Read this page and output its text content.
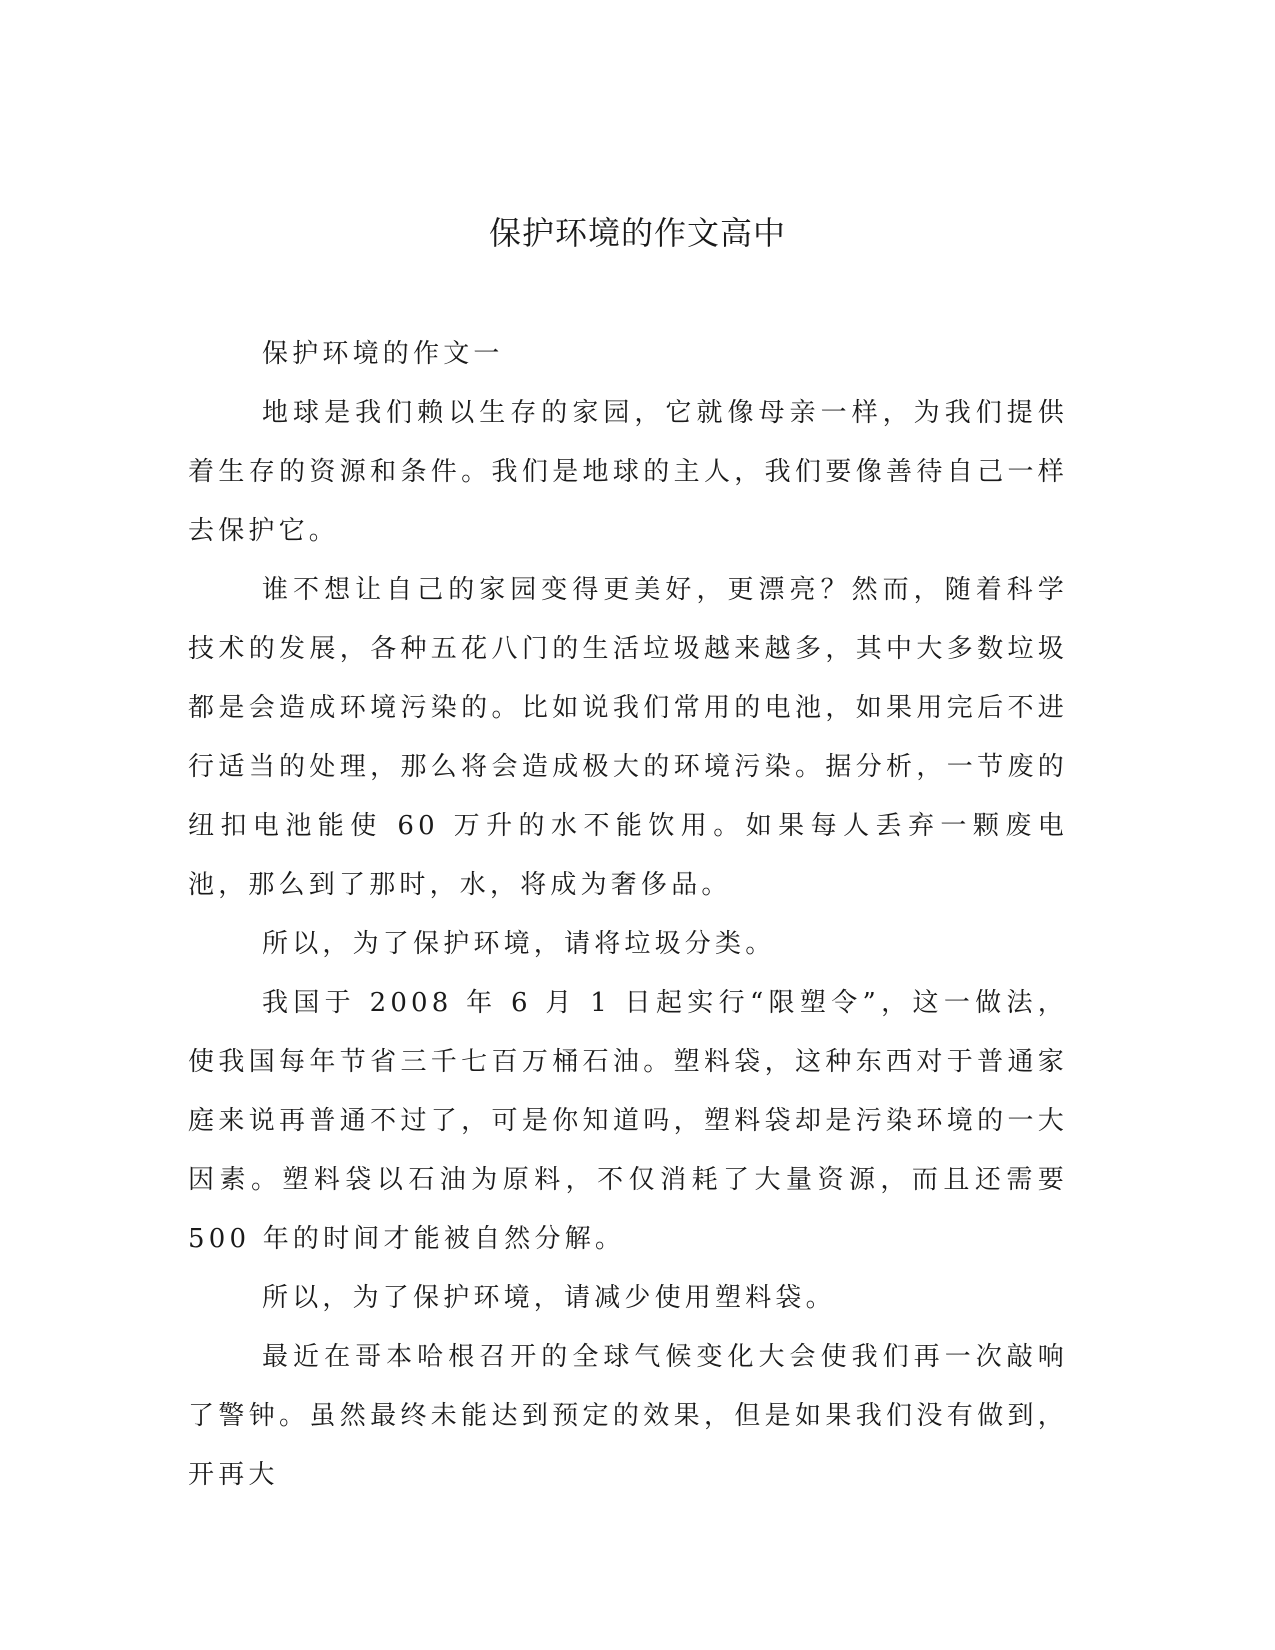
保护环境的作文高中

保护环境的作文一

地球是我们赖以生存的家园，它就像母亲一样，为我们提供着生存的资源和条件。我们是地球的主人，我们要像善待自己一样去保护它。

谁不想让自己的家园变得更美好，更漂亮？然而，随着科学技术的发展，各种五花八门的生活垃圾越来越多，其中大多数垃圾都是会造成环境污染的。比如说我们常用的电池，如果用完后不进行适当的处理，那么将会造成极大的环境污染。据分析，一节废的纽扣电池能使 60 万升的水不能饮用。如果每人丢弃一颗废电池，那么到了那时，水，将成为奢侈品。

所以，为了保护环境，请将垃圾分类。

我国于 2008 年 6 月 1 日起实行“限塑令”，这一做法，使我国每年节省三千七百万桶石油。塑料袋，这种东西对于普通家庭来说再普通不过了，可是你知道吗，塑料袋却是污染环境的一大因素。塑料袋以石油为原料，不仅消耗了大量资源，而且还需要 500 年的时间才能被自然分解。

所以，为了保护环境，请减少使用塑料袋。

最近在哥本哈根召开的全球气候变化大会使我们再一次敲响了警钟。虽然最终未能达到预定的效果，但是如果我们没有做到，开再大
